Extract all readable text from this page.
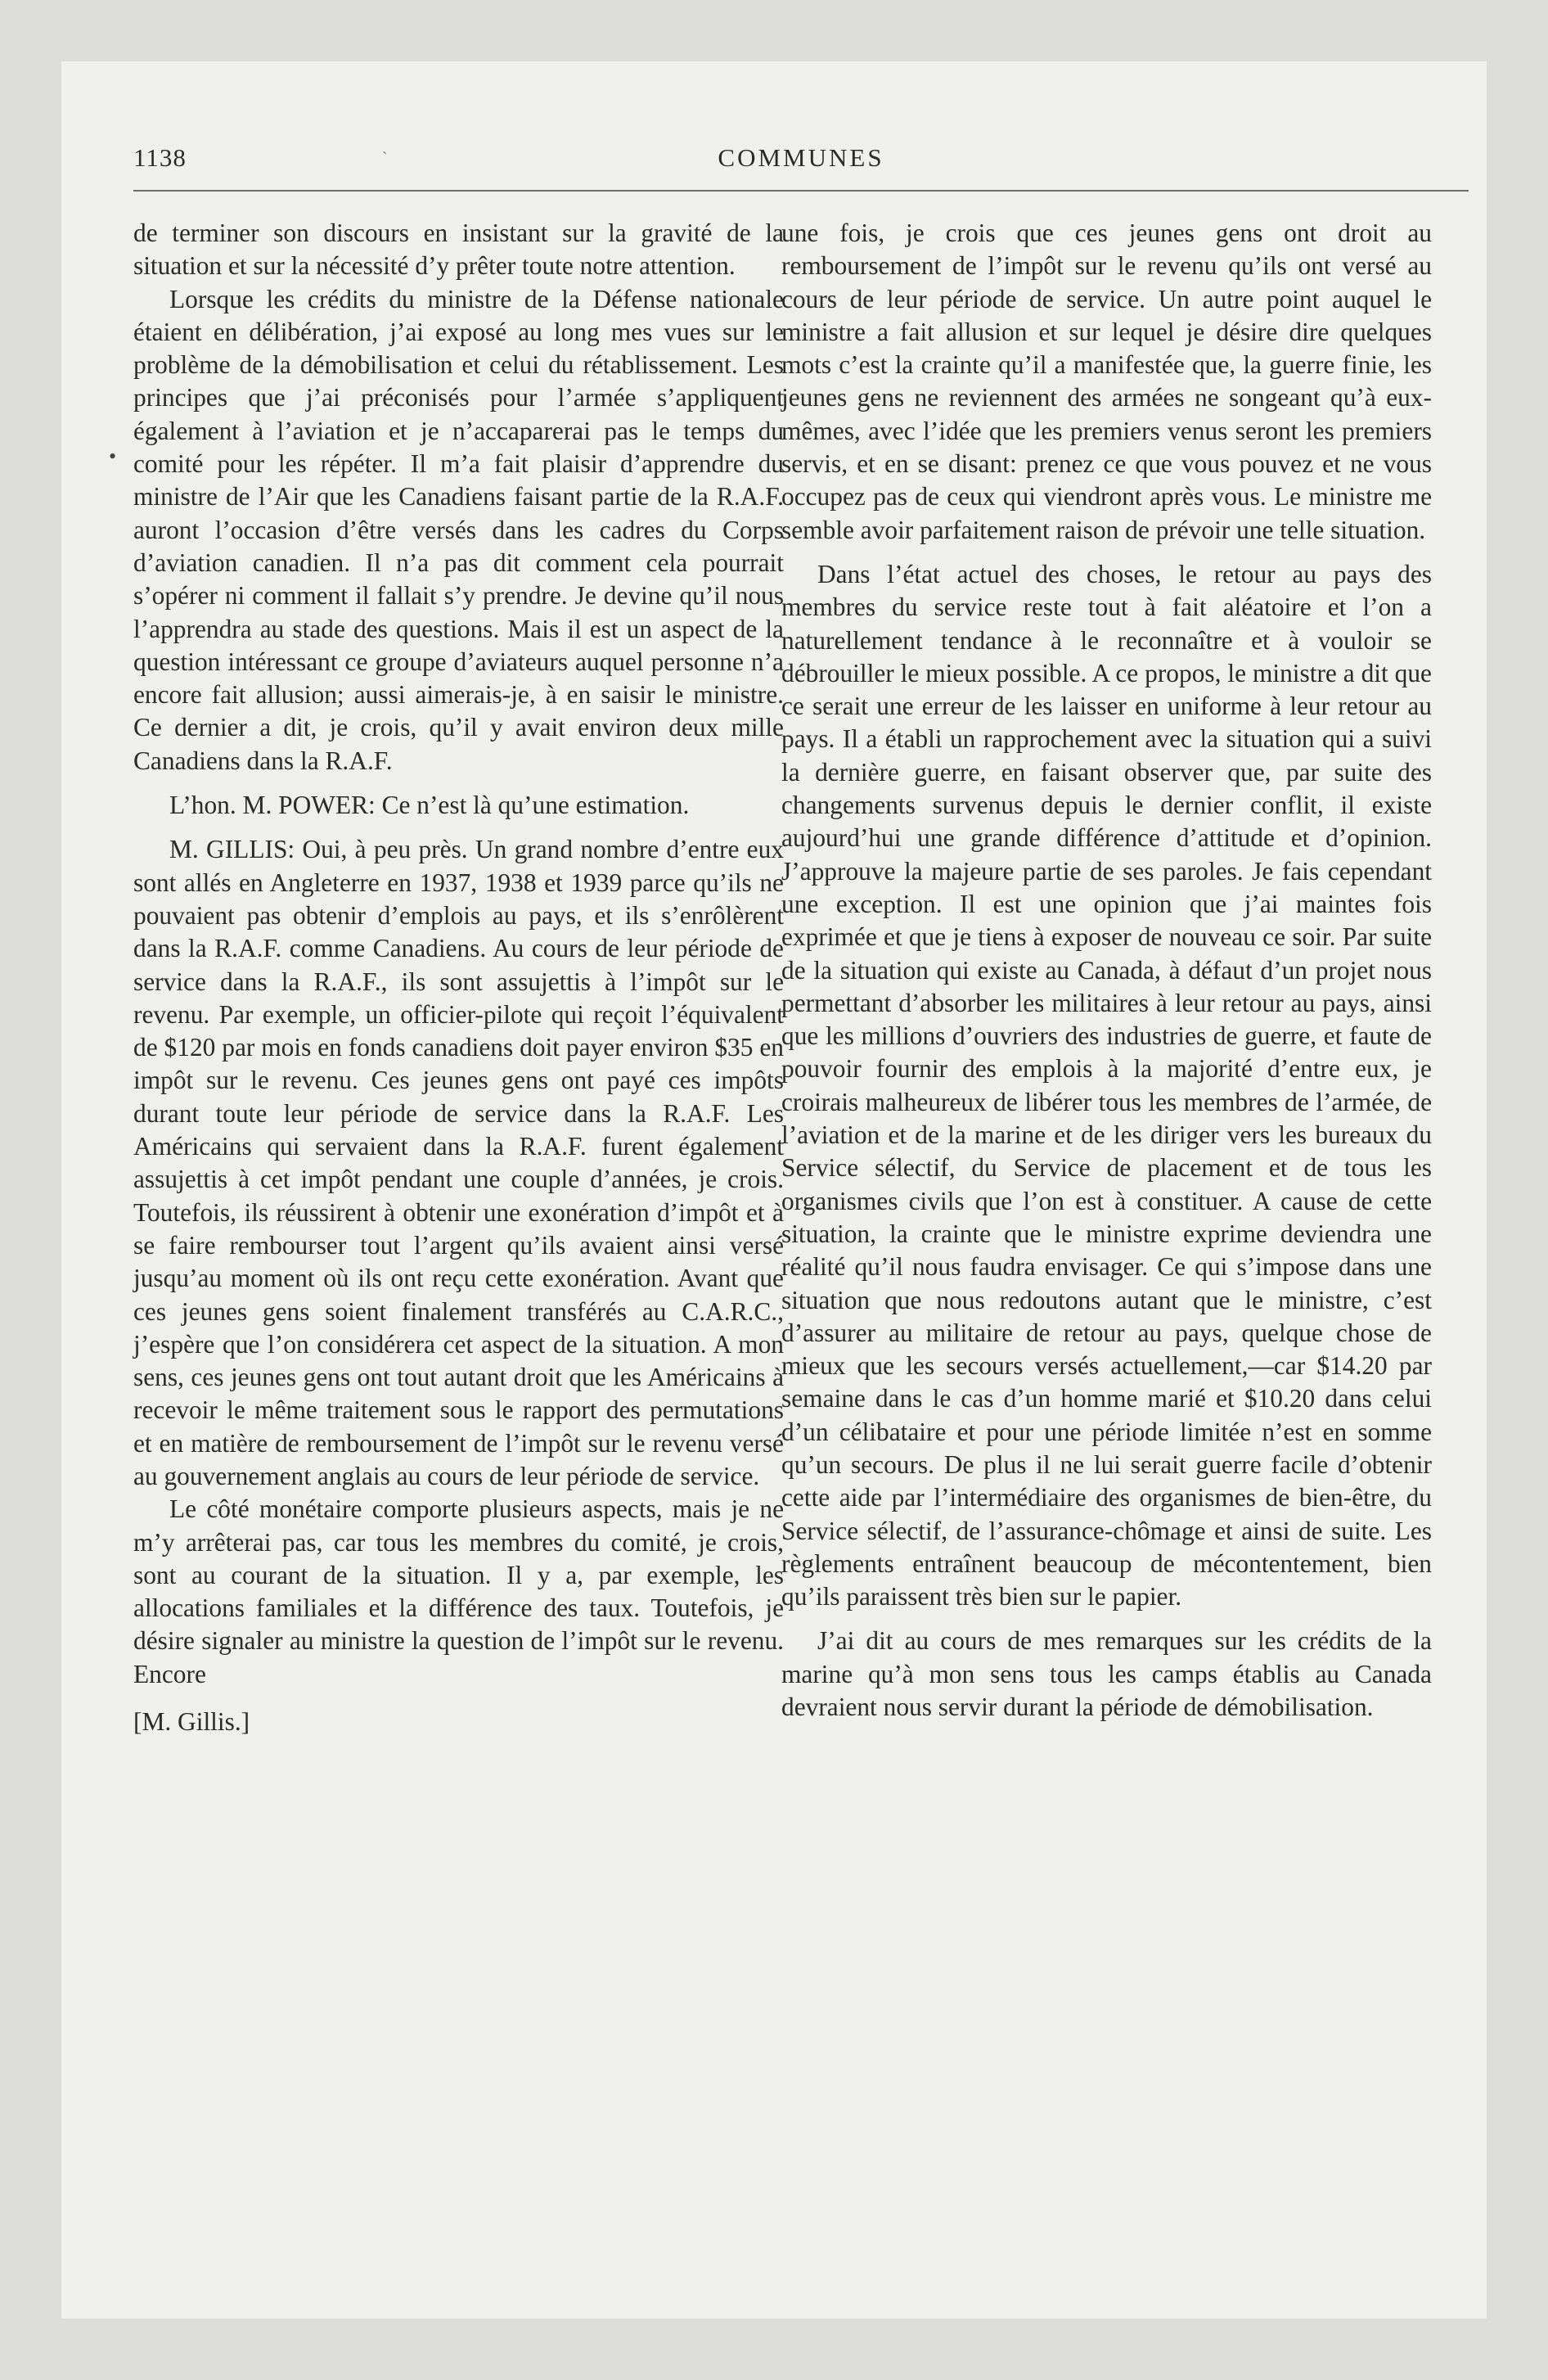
ˎ
1138	COMMUNES
•

de terminer son discours en insistant sur la gravité de la situation et sur la nécessité d’y prêter toute notre attention.

Lorsque les crédits du ministre de la Défense nationale étaient en délibération, j’ai exposé au long mes vues sur le problème de la démobilisation et celui du rétablissement. Les principes que j’ai préconisés pour l’armée s’appliquent également à l’aviation et je n’accaparerai pas le temps du comité pour les répéter. Il m’a fait plaisir d’apprendre du ministre de l’Air que les Canadiens faisant partie de la R.A.F. auront l’occasion d’être versés dans les cadres du Corps d’aviation canadien. Il n’a pas dit comment cela pourrait s’opérer ni comment il fallait s’y prendre. Je devine qu’il nous l’apprendra au stade des questions. Mais il est un aspect de la question intéressant ce groupe d’aviateurs auquel personne n’a encore fait allusion; aussi aimerais-je, à en saisir le ministre. Ce dernier a dit, je crois, qu’il y avait environ deux mille Canadiens dans la R.A.F.

L’hon. M. POWER: Ce n’est là qu’une estimation.

M. GILLIS: Oui, à peu près. Un grand nombre d’entre eux sont allés en Angleterre en 1937, 1938 et 1939 parce qu’ils ne pouvaient pas obtenir d’emplois au pays, et ils s’enrôlèrent dans la R.A.F. comme Canadiens. Au cours de leur période de service dans la R.A.F., ils sont assujettis à l’impôt sur le revenu. Par exemple, un officier-pilote qui reçoit l’équivalent de $120 par mois en fonds canadiens doit payer environ $35 en impôt sur le revenu. Ces jeunes gens ont payé ces impôts durant toute leur période de service dans la R.A.F. Les Américains qui servaient dans la R.A.F. furent également assujettis à cet impôt pendant une couple d’années, je crois. Toutefois, ils réussirent à obtenir une exonération d’impôt et à se faire rembourser tout l’argent qu’ils avaient ainsi versé jusqu’au moment où ils ont reçu cette exonération. Avant que ces jeunes gens soient finalement transférés au C.A.R.C., j’espère que l’on considérera cet aspect de la situation. A mon sens, ces jeunes gens ont tout autant droit que les Américains à recevoir le même traitement sous le rapport des permutations et en matière de remboursement de l’impôt sur le revenu versé au gouvernement anglais au cours de leur période de service.

Le côté monétaire comporte plusieurs aspects, mais je ne m’y arrêterai pas, car tous les membres du comité, je crois, sont au courant de la situation. Il y a, par exemple, les allocations familiales et la différence des taux. Toutefois, je désire signaler au ministre la question de l’impôt sur le revenu. Encore

[M. Gillis.]

une fois, je crois que ces jeunes gens ont droit au remboursement de l’impôt sur le revenu qu’ils ont versé au cours de leur période de service. Un autre point auquel le ministre a fait allusion et sur lequel je désire dire quelques mots c’est la crainte qu’il a manifestée que, la guerre finie, les jeunes gens ne reviennent des armées ne songeant qu’à eux-mêmes, avec l’idée que les premiers venus seront les premiers servis, et en se disant: prenez ce que vous pouvez et ne vous occupez pas de ceux qui viendront après vous. Le ministre me semble avoir parfaitement raison de prévoir une telle situation.

Dans l’état actuel des choses, le retour au pays des membres du service reste tout à fait aléatoire et l’on a naturellement tendance à le reconnaître et à vouloir se débrouiller le mieux possible. A ce propos, le ministre a dit que ce serait une erreur de les laisser en uniforme à leur retour au pays. Il a établi un rapprochement avec la situation qui a suivi la dernière guerre, en faisant observer que, par suite des changements survenus depuis le dernier conflit, il existe aujourd’hui une grande différence d’attitude et d’opinion. J’approuve la majeure partie de ses paroles. Je fais cependant une exception. Il est une opinion que j’ai maintes fois exprimée et que je tiens à exposer de nouveau ce soir. Par suite de la situation qui existe au Canada, à défaut d’un projet nous permettant d’absorber les militaires à leur retour au pays, ainsi que les millions d’ouvriers des industries de guerre, et faute de pouvoir fournir des emplois à la majorité d’entre eux, je croirais malheureux de libérer tous les membres de l’armée, de l’aviation et de la marine et de les diriger vers les bureaux du Service sélectif, du Service de placement et de tous les organismes civils que l’on est à constituer. A cause de cette situation, la crainte que le ministre exprime deviendra une réalité qu’il nous faudra envisager. Ce qui s’impose dans une situation que nous redoutons autant que le ministre, c’est d’assurer au militaire de retour au pays, quelque chose de mieux que les secours versés actuellement,—car $14.20 par semaine dans le cas d’un homme marié et $10.20 dans celui d’un célibataire et pour une période limitée n’est en somme qu’un secours. De plus il ne lui serait guerre facile d’obtenir cette aide par l’intermédiaire des organismes de bien-être, du Service sélectif, de l’assurance-chômage et ainsi de suite. Les règlements entraînent beaucoup de mécontentement, bien qu’ils paraissent très bien sur le papier.

J’ai dit au cours de mes remarques sur les crédits de la marine qu’à mon sens tous les camps établis au Canada devraient nous servir durant la période de démobilisation.
